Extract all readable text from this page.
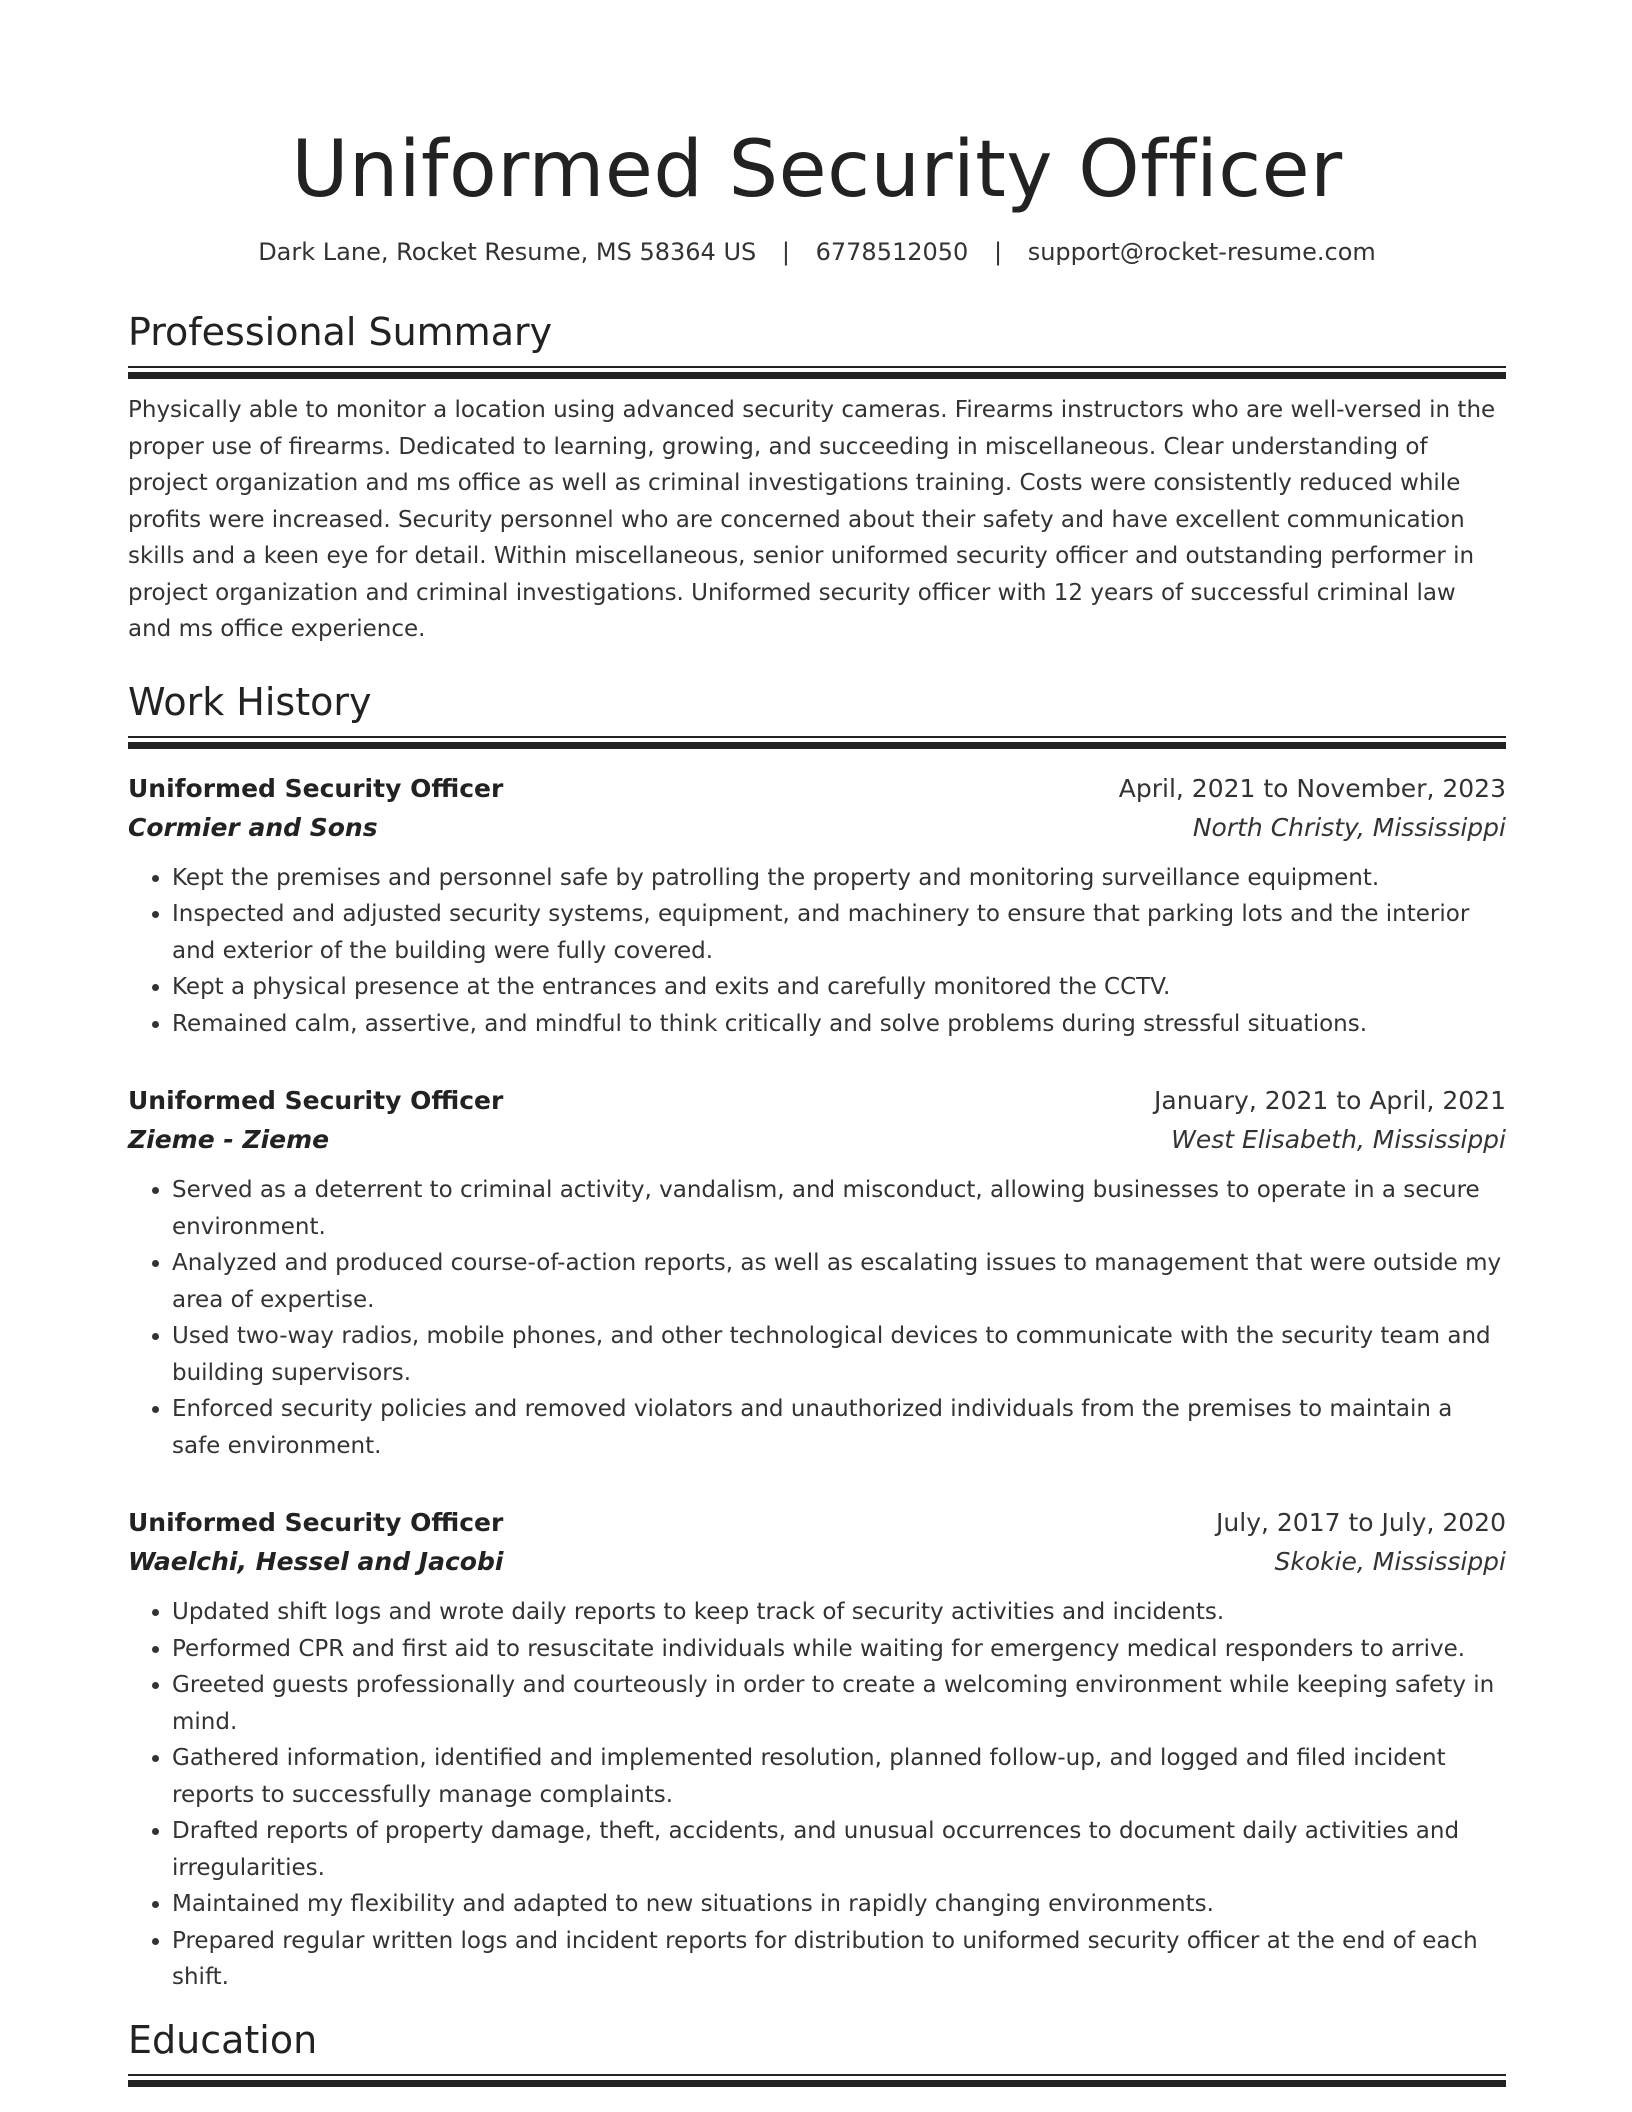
Uniformed Security Officer
Dark Lane, Rocket Resume, MS 58364 US | 6778512050 | support@rocket-resume.com
Professional Summary

Physically able to monitor a location using advanced security cameras. Firearms instructors who are well-versed in the proper use of firearms. Dedicated to learning, growing, and succeeding in miscellaneous. Clear understanding of project organization and ms office as well as criminal investigations training. Costs were consistently reduced while profits were increased. Security personnel who are concerned about their safety and have excellent communication skills and a keen eye for detail. Within miscellaneous, senior uniformed security officer and outstanding performer in project organization and criminal investigations. Uniformed security officer with 12 years of successful criminal law and ms office experience.

Work History
Uniformed Security Officer	April, 2021 to November, 2023
Cormier and Sons	North Christy, Mississippi
• Kept the premises and personnel safe by patrolling the property and monitoring surveillance equipment.
• Inspected and adjusted security systems, equipment, and machinery to ensure that parking lots and the interior and exterior of the building were fully covered.
• Kept a physical presence at the entrances and exits and carefully monitored the CCTV.
• Remained calm, assertive, and mindful to think critically and solve problems during stressful situations.
Uniformed Security Officer	January, 2021 to April, 2021
Zieme - Zieme	West Elisabeth, Mississippi
• Served as a deterrent to criminal activity, vandalism, and misconduct, allowing businesses to operate in a secure environment.
• Analyzed and produced course-of-action reports, as well as escalating issues to management that were outside my area of expertise.
• Used two-way radios, mobile phones, and other technological devices to communicate with the security team and building supervisors.
• Enforced security policies and removed violators and unauthorized individuals from the premises to maintain a safe environment.
Uniformed Security Officer	July, 2017 to July, 2020
Waelchi, Hessel and Jacobi	Skokie, Mississippi
• Updated shift logs and wrote daily reports to keep track of security activities and incidents.
• Performed CPR and first aid to resuscitate individuals while waiting for emergency medical responders to arrive.
• Greeted guests professionally and courteously in order to create a welcoming environment while keeping safety in mind.
• Gathered information, identified and implemented resolution, planned follow-up, and logged and filed incident reports to successfully manage complaints.
• Drafted reports of property damage, theft, accidents, and unusual occurrences to document daily activities and irregularities.
• Maintained my flexibility and adapted to new situations in rapidly changing environments.
• Prepared regular written logs and incident reports for distribution to uniformed security officer at the end of each shift.
Education
